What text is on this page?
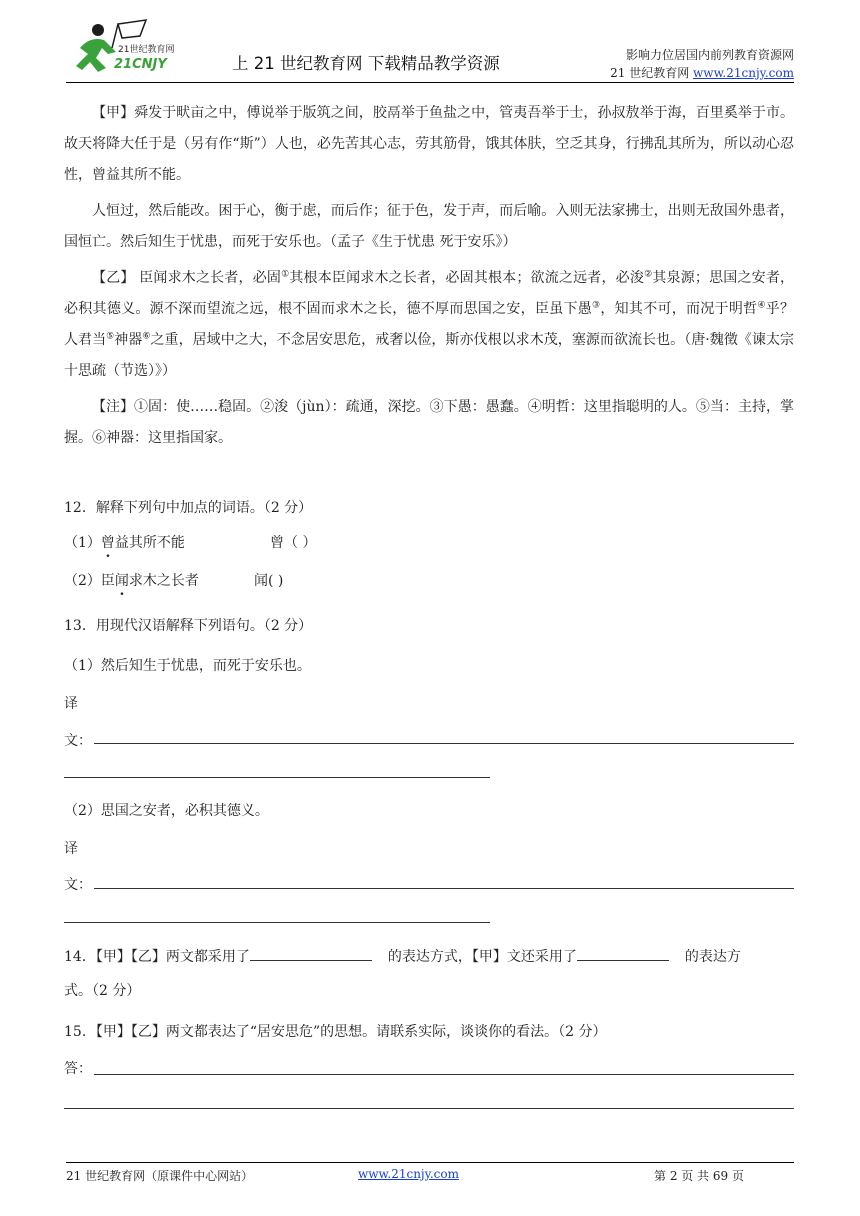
21世纪教育网
21CNJY	上 21 世纪教育网 下载精品教学资源	影响力位居国内前列教育资源网
21 世纪教育网 www.21cnjy.com

【甲】舜发于畎亩之中，傅说举于版筑之间，胶鬲举于鱼盐之中，管夷吾举于士，孙叔敖举于海，百里奚举于市。故天将降大任于是（另有作“斯”）人也，必先苦其心志，劳其筋骨，饿其体肤，空乏其身，行拂乱其所为，所以动心忍性，曾益其所不能。

人恒过，然后能改。困于心，衡于虑，而后作；征于色，发于声，而后喻。入则无法家拂士，出则无敌国外患者，国恒亡。然后知生于忧患，而死于安乐也。（孟子《生于忧患 死于安乐》）

【乙】 臣闻求木之长者，必固①其根本臣闻求木之长者，必固其根本；欲流之远者，必浚②其泉源；思国之安者，必积其德义。源不深而望流之远，根不固而求木之长，德不厚而思国之安，臣虽下愚③，知其不可，而况于明哲④乎？人君当⑤神器⑥之重，居域中之大，不念居安思危，戒奢以俭，斯亦伐根以求木茂，塞源而欲流长也。（唐·魏徵《谏太宗十思疏（节选）》）

【注】①固：使……稳固。②浚（jùn）：疏通，深挖。③下愚：愚蠢。④明哲：这里指聪明的人。⑤当：主持，掌握。⑥神器：这里指国家。

12．解释下列句中加点的词语。（2 分）
（1）曾益其所不能	曾（ ）
（2）臣闻求木之长者	闻( )
13．用现代汉语解释下列语句。（2 分）
（1）然后知生于忧患，而死于安乐也。
译
文：
（2）思国之安者，必积其德义。
译
文：
14．【甲】【乙】两文都采用了	的表达方式，【甲】文还采用了	的表达方
式。（2 分）
15．【甲】【乙】两文都表达了“居安思危”的思想。请联系实际，谈谈你的看法。（2 分）
答：
21 世纪教育网（原课件中心网站）	www.21cnjy.com	第 2 页 共 69 页
